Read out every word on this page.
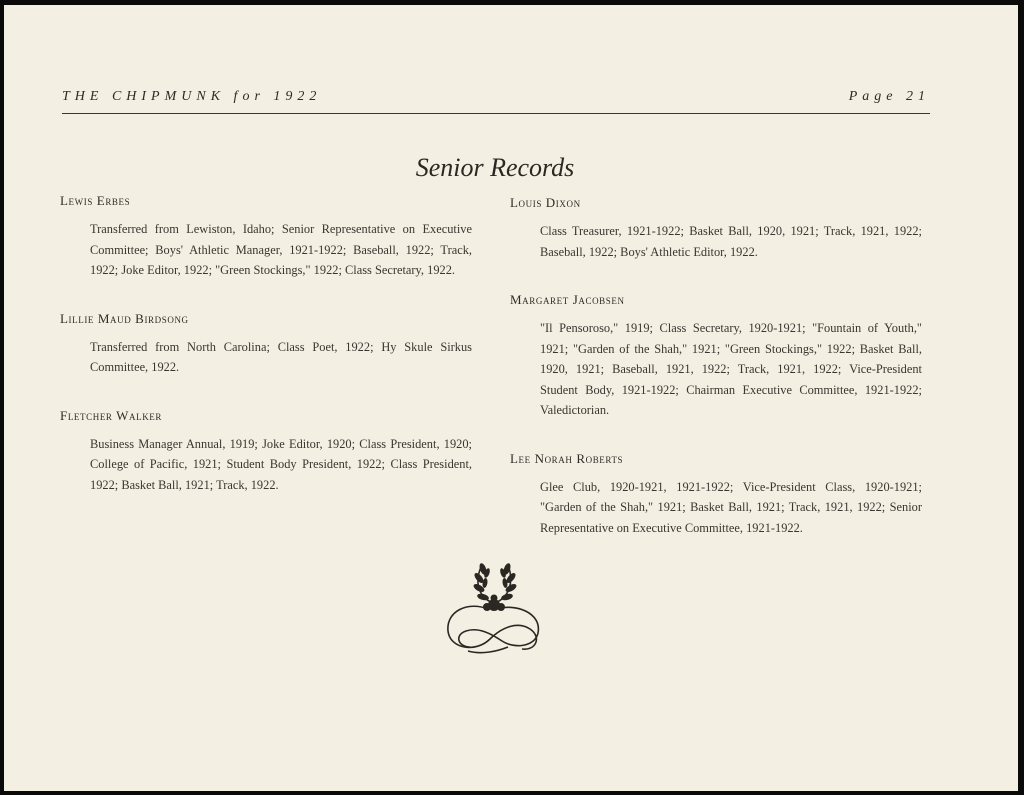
THE CHIPMUNK for 1922	Page 21
Senior Records
Lewis Erbes

Transferred from Lewiston, Idaho; Senior Representative on Executive Committee; Boys' Athletic Manager, 1921-1922; Baseball, 1922; Track, 1922; Joke Editor, 1922; "Green Stockings," 1922; Class Secretary, 1922.

Lillie Maud Birdsong

Transferred from North Carolina; Class Poet, 1922; Hy Skule Sirkus Committee, 1922.

Fletcher Walker

Business Manager Annual, 1919; Joke Editor, 1920; Class President, 1920; College of Pacific, 1921; Student Body President, 1922; Class President, 1922; Basket Ball, 1921; Track, 1922.

Louis Dixon

Class Treasurer, 1921-1922; Basket Ball, 1920, 1921; Track, 1921, 1922; Baseball, 1922; Boys' Athletic Editor, 1922.

Margaret Jacobsen

"Il Pensoroso," 1919; Class Secretary, 1920-1921; "Fountain of Youth," 1921; "Garden of the Shah," 1921; "Green Stockings," 1922; Basket Ball, 1920, 1921; Baseball, 1921, 1922; Track, 1921, 1922; Vice-President Student Body, 1921-1922; Chairman Executive Committee, 1921-1922; Valedictorian.

Lee Norah Roberts

Glee Club, 1920-1921, 1921-1922; Vice-President Class, 1920-1921; "Garden of the Shah," 1921; Basket Ball, 1921; Track, 1921, 1922; Senior Representative on Executive Committee, 1921-1922.
